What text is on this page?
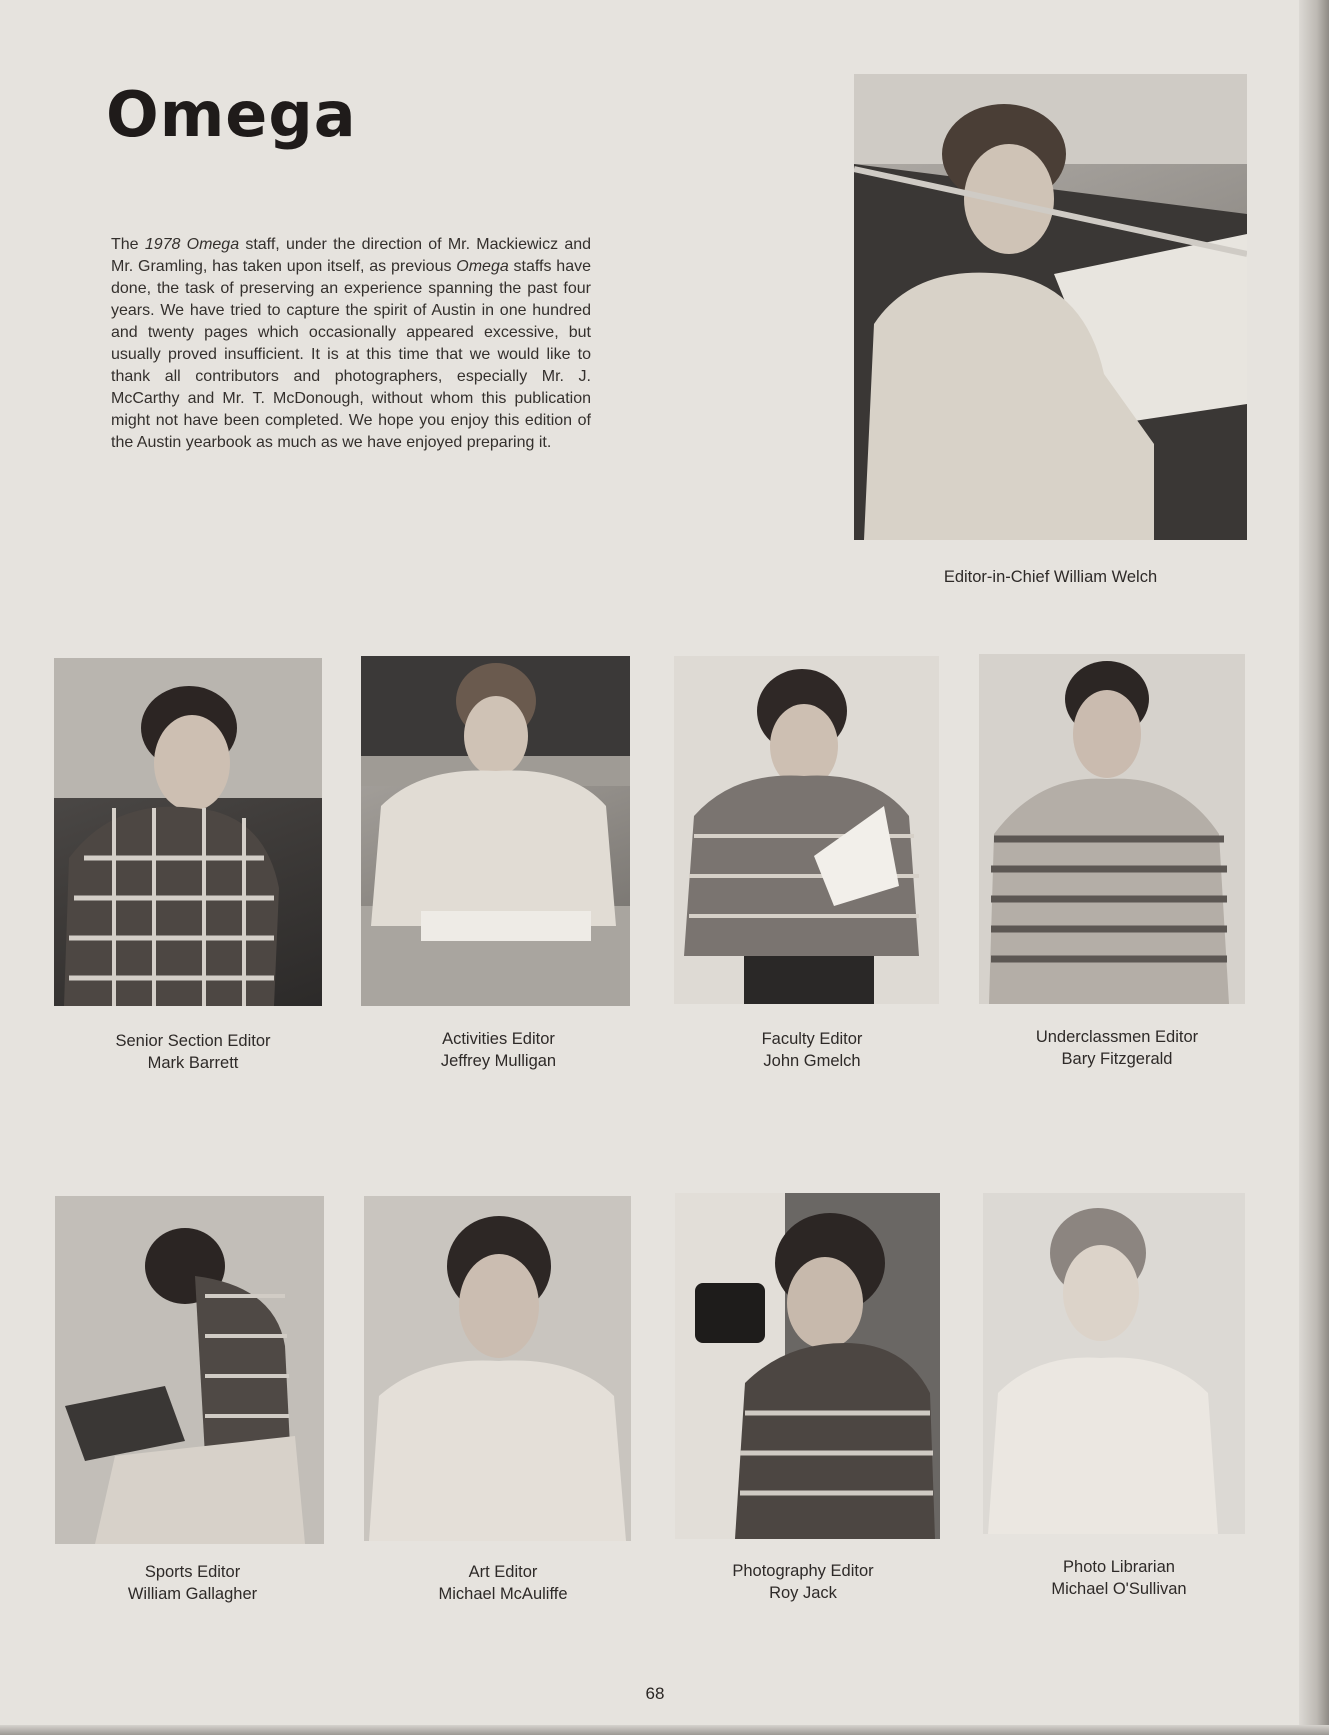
Omega

The 1978 Omega staff, under the direction of Mr. Mackiewicz and Mr. Gramling, has taken upon itself, as previous Omega staffs have done, the task of preserving an experience spanning the past four years. We have tried to capture the spirit of Austin in one hundred and twenty pages which occasionally appeared excessive, but usually proved insufficient. It is at this time that we would like to thank all contributors and photographers, especially Mr. J. McCarthy and Mr. T. McDonough, without whom this publication might not have been completed. We hope you enjoy this edition of the Austin yearbook as much as we have enjoyed preparing it.

Editor-in-Chief William Welch
Senior Section Editor
Mark Barrett
Activities Editor
Jeffrey Mulligan
Faculty Editor
John Gmelch
Underclassmen Editor
Bary Fitzgerald
Sports Editor
William Gallagher
Art Editor
Michael McAuliffe
Photography Editor
Roy Jack
Photo Librarian
Michael O'Sullivan
68
